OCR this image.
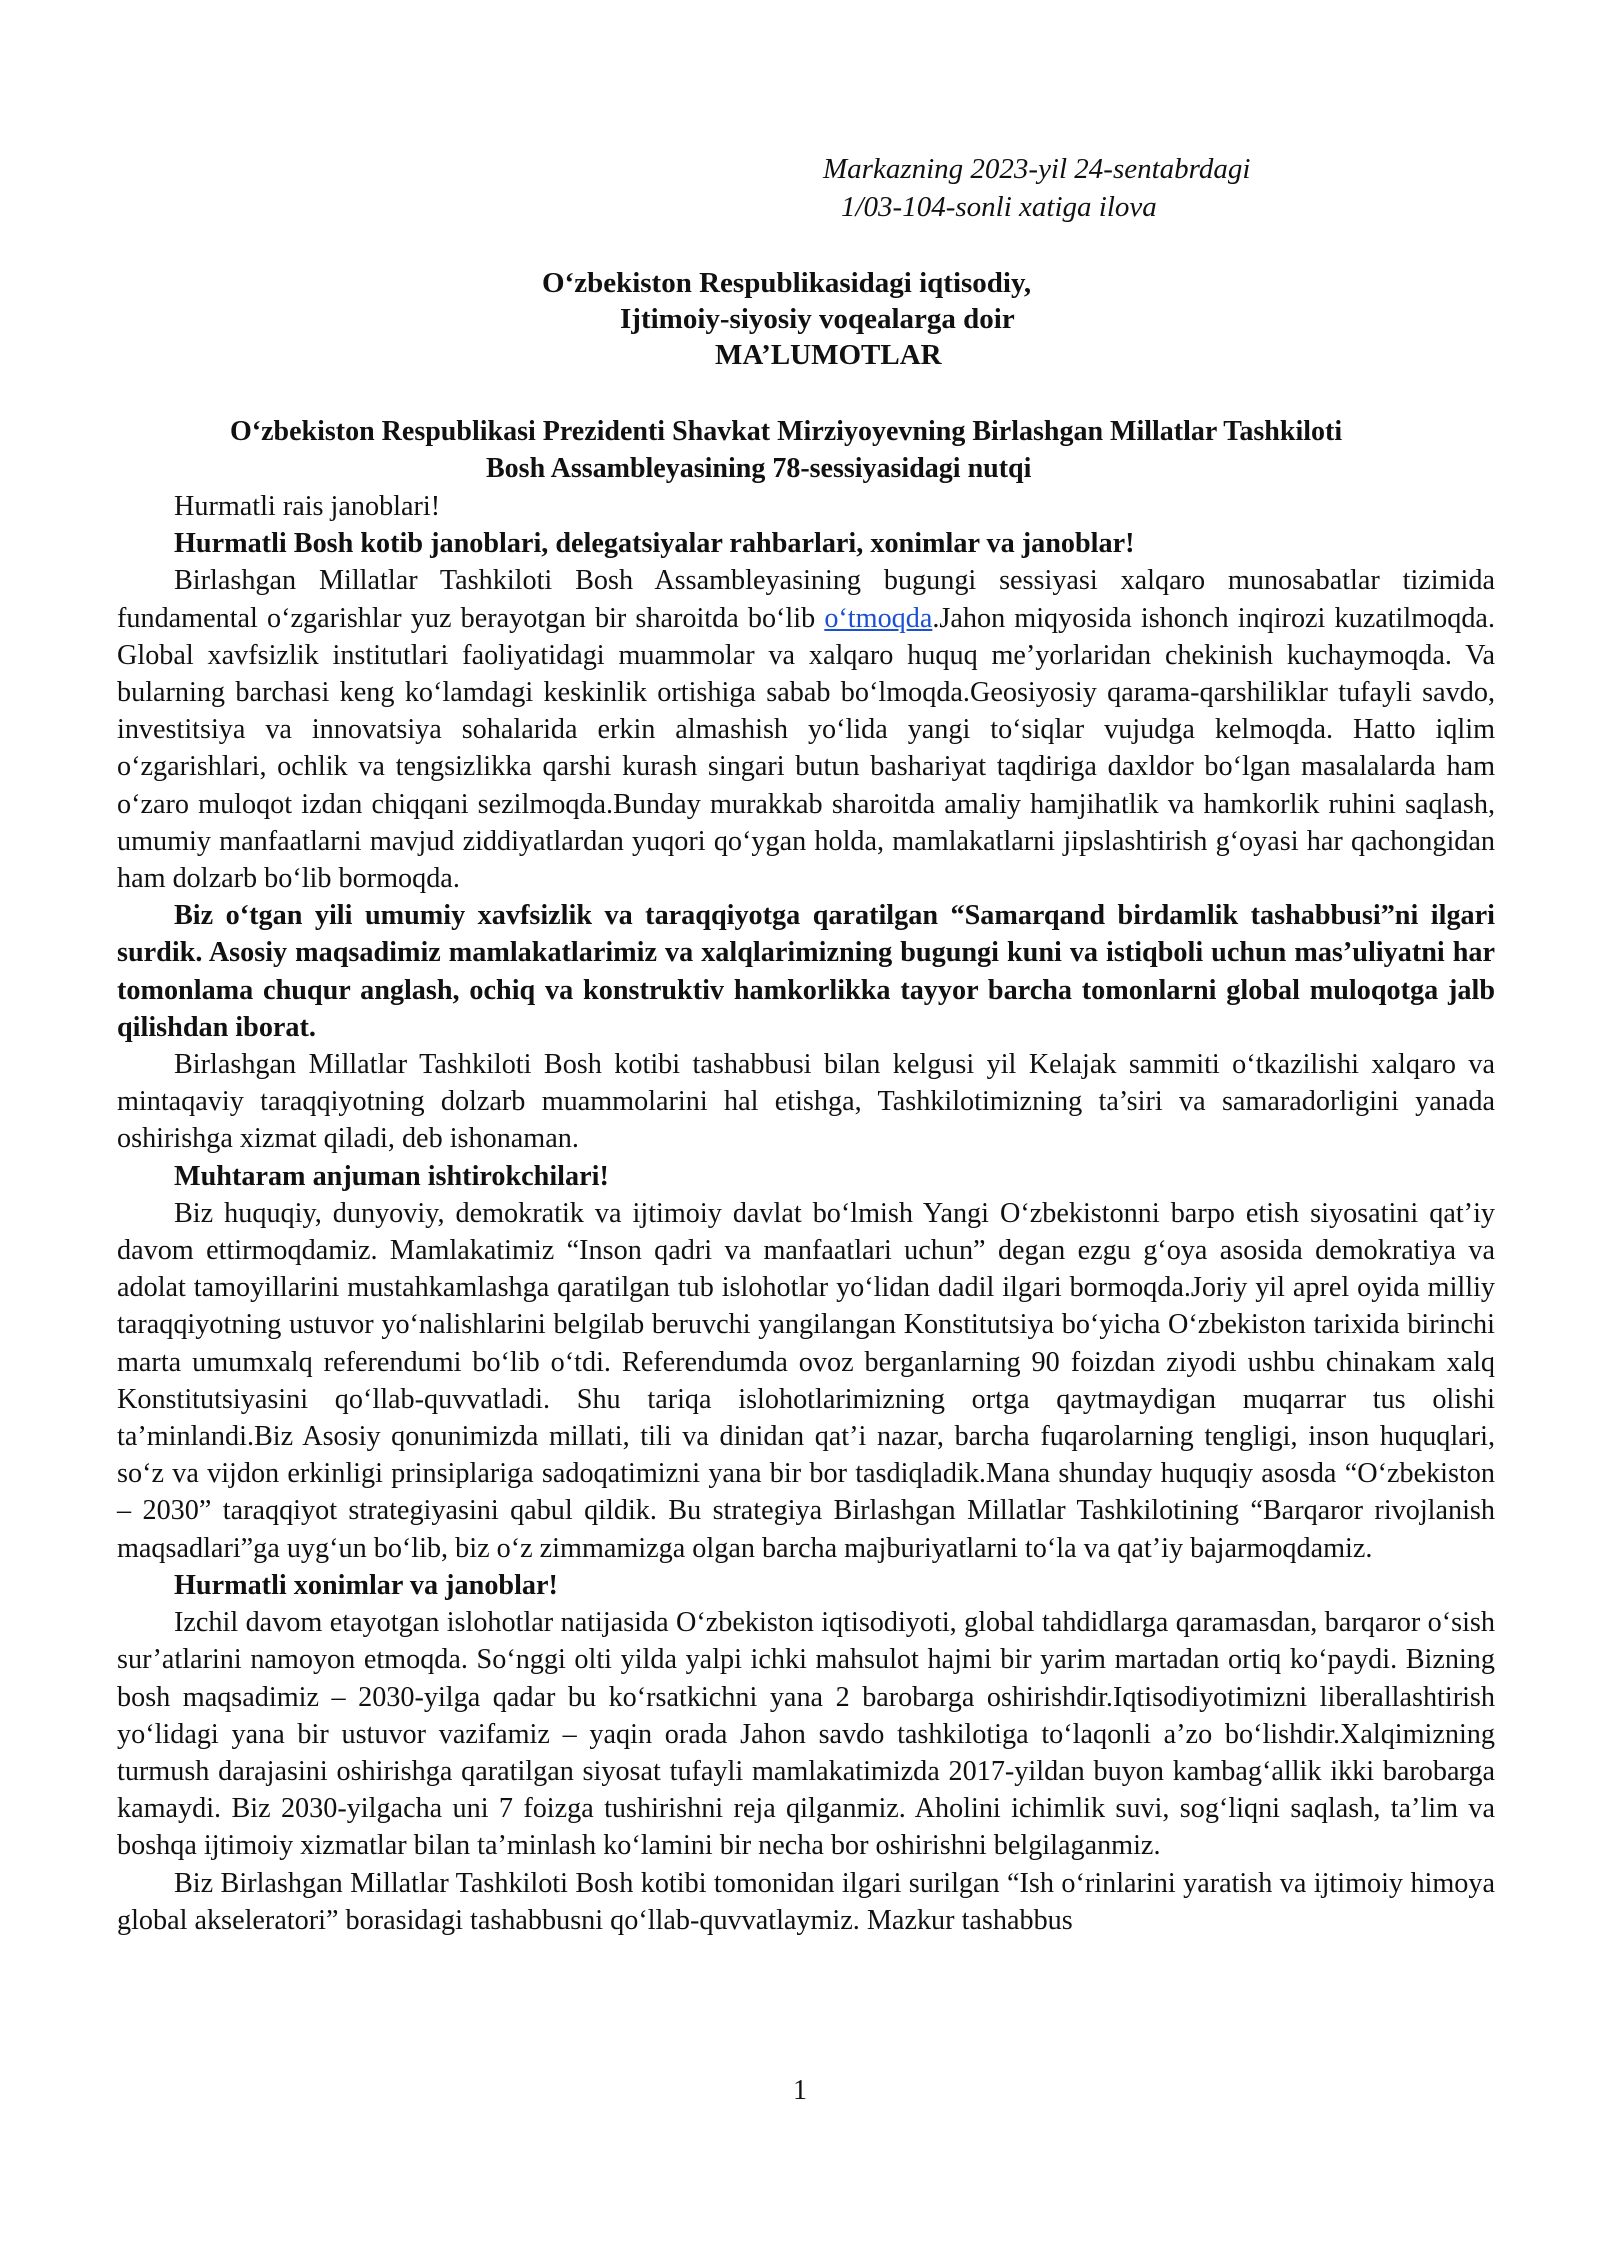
Markazning 2023-yil 24-sentabrdagi
1/03-104-sonli xatiga ilova
O‘zbekiston Respublikasidagi iqtisodiy,
Ijtimoiy-siyosiy voqealarga doir
MA’LUMOTLAR
O‘zbekiston Respublikasi Prezidenti Shavkat Mirziyoyevning Birlashgan Millatlar Tashkiloti
Bosh Assambleyasining 78-sessiyasidagi nutqi

Hurmatli rais janoblari!

Hurmatli Bosh kotib janoblari, delegatsiyalar rahbarlari, xonimlar va janoblar!

Birlashgan Millatlar Tashkiloti Bosh Assambleyasining bugungi sessiyasi xalqaro munosabatlar tizimida fundamental o‘zgarishlar yuz berayotgan bir sharoitda bo‘lib o‘tmoqda.Jahon miqyosida ishonch inqirozi kuzatilmoqda. Global xavfsizlik institutlari faoliyatidagi muammolar va xalqaro huquq me’yorlaridan chekinish kuchaymoqda. Va bularning barchasi keng ko‘lamdagi keskinlik ortishiga sabab bo‘lmoqda.Geosiyosiy qarama-qarshiliklar tufayli savdo, investitsiya va innovatsiya sohalarida erkin almashish yo‘lida yangi to‘siqlar vujudga kelmoqda. Hatto iqlim o‘zgarishlari, ochlik va tengsizlikka qarshi kurash singari butun bashariyat taqdiriga daxldor bo‘lgan masalalarda ham o‘zaro muloqot izdan chiqqani sezilmoqda.Bunday murakkab sharoitda amaliy hamjihatlik va hamkorlik ruhini saqlash, umumiy manfaatlarni mavjud ziddiyatlardan yuqori qo‘ygan holda, mamlakatlarni jipslashtirish g‘oyasi har qachongidan ham dolzarb bo‘lib bormoqda.

Biz o‘tgan yili umumiy xavfsizlik va taraqqiyotga qaratilgan “Samarqand birdamlik tashabbusi”ni ilgari surdik. Asosiy maqsadimiz mamlakatlarimiz va xalqlarimizning bugungi kuni va istiqboli uchun mas’uliyatni har tomonlama chuqur anglash, ochiq va konstruktiv hamkorlikka tayyor barcha tomonlarni global muloqotga jalb qilishdan iborat.

Birlashgan Millatlar Tashkiloti Bosh kotibi tashabbusi bilan kelgusi yil Kelajak sammiti o‘tkazilishi xalqaro va mintaqaviy taraqqiyotning dolzarb muammolarini hal etishga, Tashkilotimizning ta’siri va samaradorligini yanada oshirishga xizmat qiladi, deb ishonaman.

Muhtaram anjuman ishtirokchilari!

Biz huquqiy, dunyoviy, demokratik va ijtimoiy davlat bo‘lmish Yangi O‘zbekistonni barpo etish siyosatini qat’iy davom ettirmoqdamiz. Mamlakatimiz “Inson qadri va manfaatlari uchun” degan ezgu g‘oya asosida demokratiya va adolat tamoyillarini mustahkamlashga qaratilgan tub islohotlar yo‘lidan dadil ilgari bormoqda.Joriy yil aprel oyida milliy taraqqiyotning ustuvor yo‘nalishlarini belgilab beruvchi yangilangan Konstitutsiya bo‘yicha O‘zbekiston tarixida birinchi marta umumxalq referendumi bo‘lib o‘tdi. Referendumda ovoz berganlarning 90 foizdan ziyodi ushbu chinakam xalq Konstitutsiyasini qo‘llab-quvvatladi. Shu tariqa islohotlarimizning ortga qaytmaydigan muqarrar tus olishi ta’minlandi.Biz Asosiy qonunimizda millati, tili va dinidan qat’i nazar, barcha fuqarolarning tengligi, inson huquqlari, so‘z va vijdon erkinligi prinsiplariga sadoqatimizni yana bir bor tasdiqladik.Mana shunday huquqiy asosda “O‘zbekiston – 2030” taraqqiyot strategiyasini qabul qildik. Bu strategiya Birlashgan Millatlar Tashkilotining “Barqaror rivojlanish maqsadlari”ga uyg‘un bo‘lib, biz o‘z zimmamizga olgan barcha majburiyatlarni to‘la va qat’iy bajarmoqdamiz.

Hurmatli xonimlar va janoblar!

Izchil davom etayotgan islohotlar natijasida O‘zbekiston iqtisodiyoti, global tahdidlarga qaramasdan, barqaror o‘sish sur’atlarini namoyon etmoqda. So‘nggi olti yilda yalpi ichki mahsulot hajmi bir yarim martadan ortiq ko‘paydi. Bizning bosh maqsadimiz – 2030-yilga qadar bu ko‘rsatkichni yana 2 barobarga oshirishdir.Iqtisodiyotimizni liberallashtirish yo‘lidagi yana bir ustuvor vazifamiz – yaqin orada Jahon savdo tashkilotiga to‘laqonli a’zo bo‘lishdir.Xalqimizning turmush darajasini oshirishga qaratilgan siyosat tufayli mamlakatimizda 2017-yildan buyon kambag‘allik ikki barobarga kamaydi. Biz 2030-yilgacha uni 7 foizga tushirishni reja qilganmiz. Aholini ichimlik suvi, sog‘liqni saqlash, ta’lim va boshqa ijtimoiy xizmatlar bilan ta’minlash ko‘lamini bir necha bor oshirishni belgilaganmiz.

Biz Birlashgan Millatlar Tashkiloti Bosh kotibi tomonidan ilgari surilgan “Ish o‘rinlarini yaratish va ijtimoiy himoya global akseleratori” borasidagi tashabbusni qo‘llab-quvvatlaymiz. Mazkur tashabbus

1
